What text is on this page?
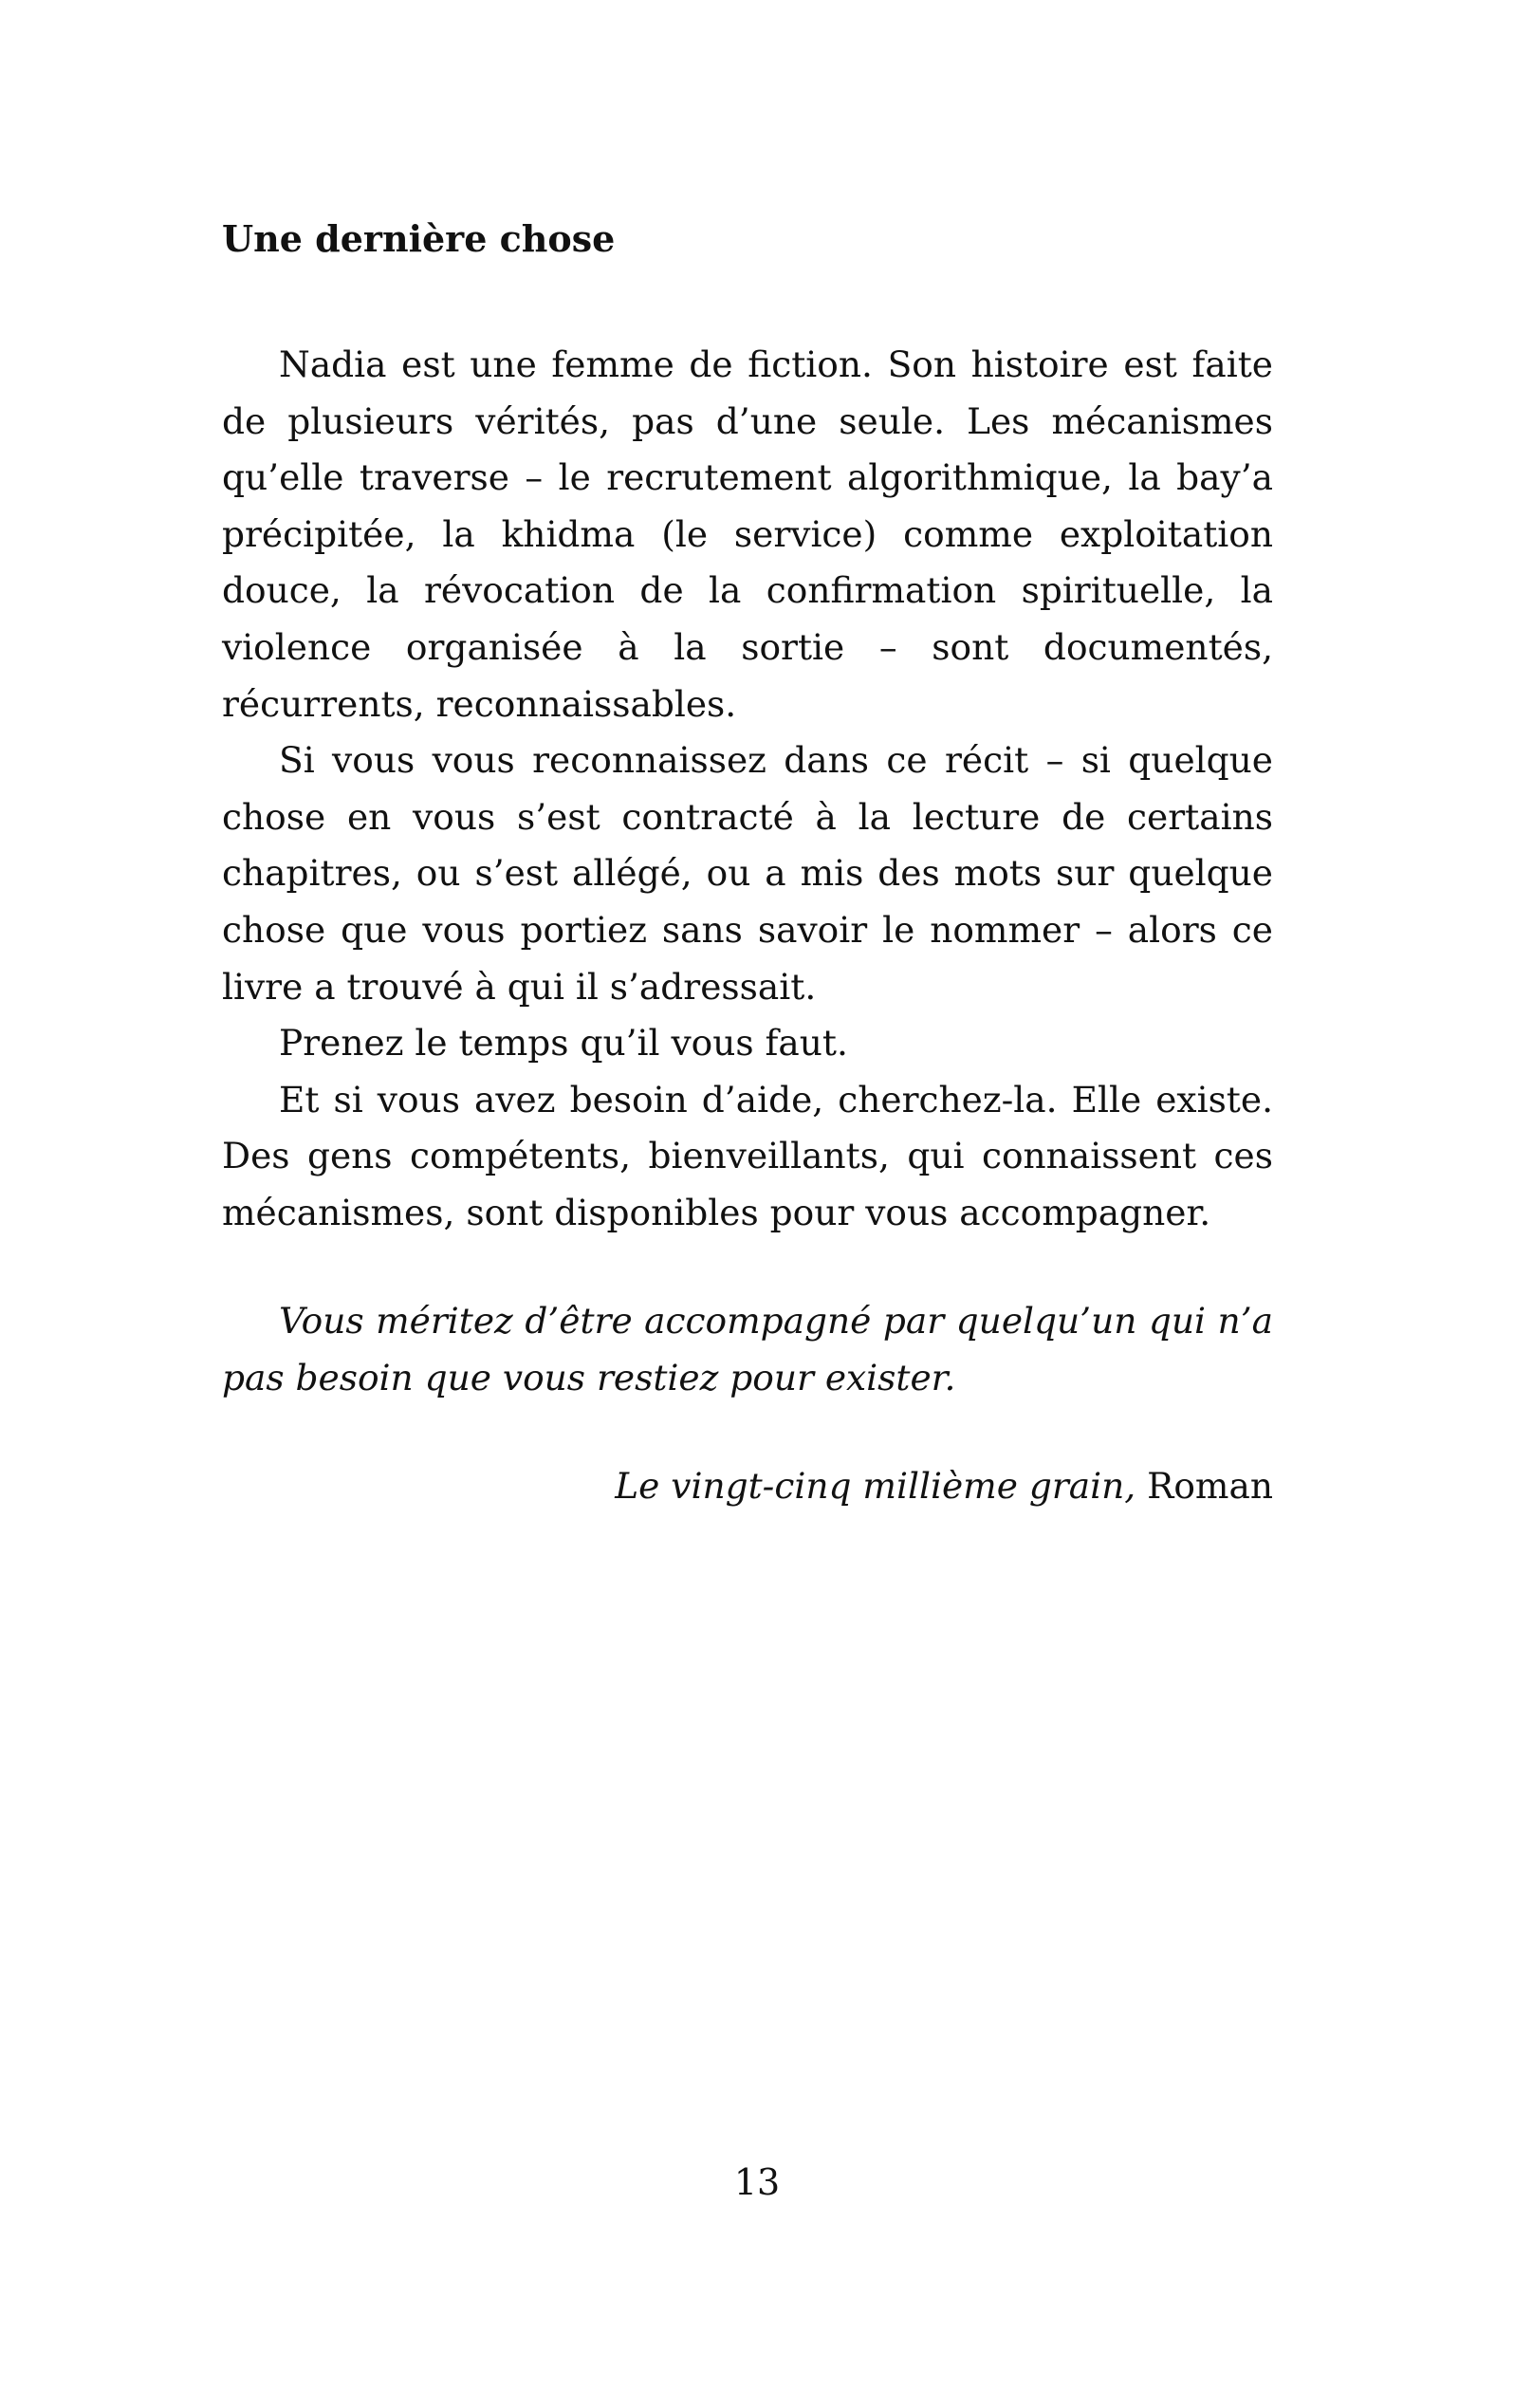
Une dernière chose

Nadia est une femme de fiction. Son histoire est faite de plusieurs vérités, pas d’une seule. Les mécanismes qu’elle traverse – le recrutement algorithmique, la bay’a précipitée, la khidma (le service) comme exploitation douce, la révocation de la confirmation spirituelle, la violence organisée à la sortie – sont documentés, récurrents, reconnaissables.

Si vous vous reconnaissez dans ce récit – si quelque chose en vous s’est contracté à la lecture de certains chapitres, ou s’est allégé, ou a mis des mots sur quelque chose que vous portiez sans savoir le nommer – alors ce livre a trouvé à qui il s’adressait.

Prenez le temps qu’il vous faut.

Et si vous avez besoin d’aide, cherchez-la. Elle existe. Des gens compétents, bienveillants, qui connaissent ces mécanismes, sont disponibles pour vous accompagner.

Vous méritez d’être accompagné par quelqu’un qui n’a pas besoin que vous restiez pour exister.

Le vingt-cinq millième grain, Roman

13
